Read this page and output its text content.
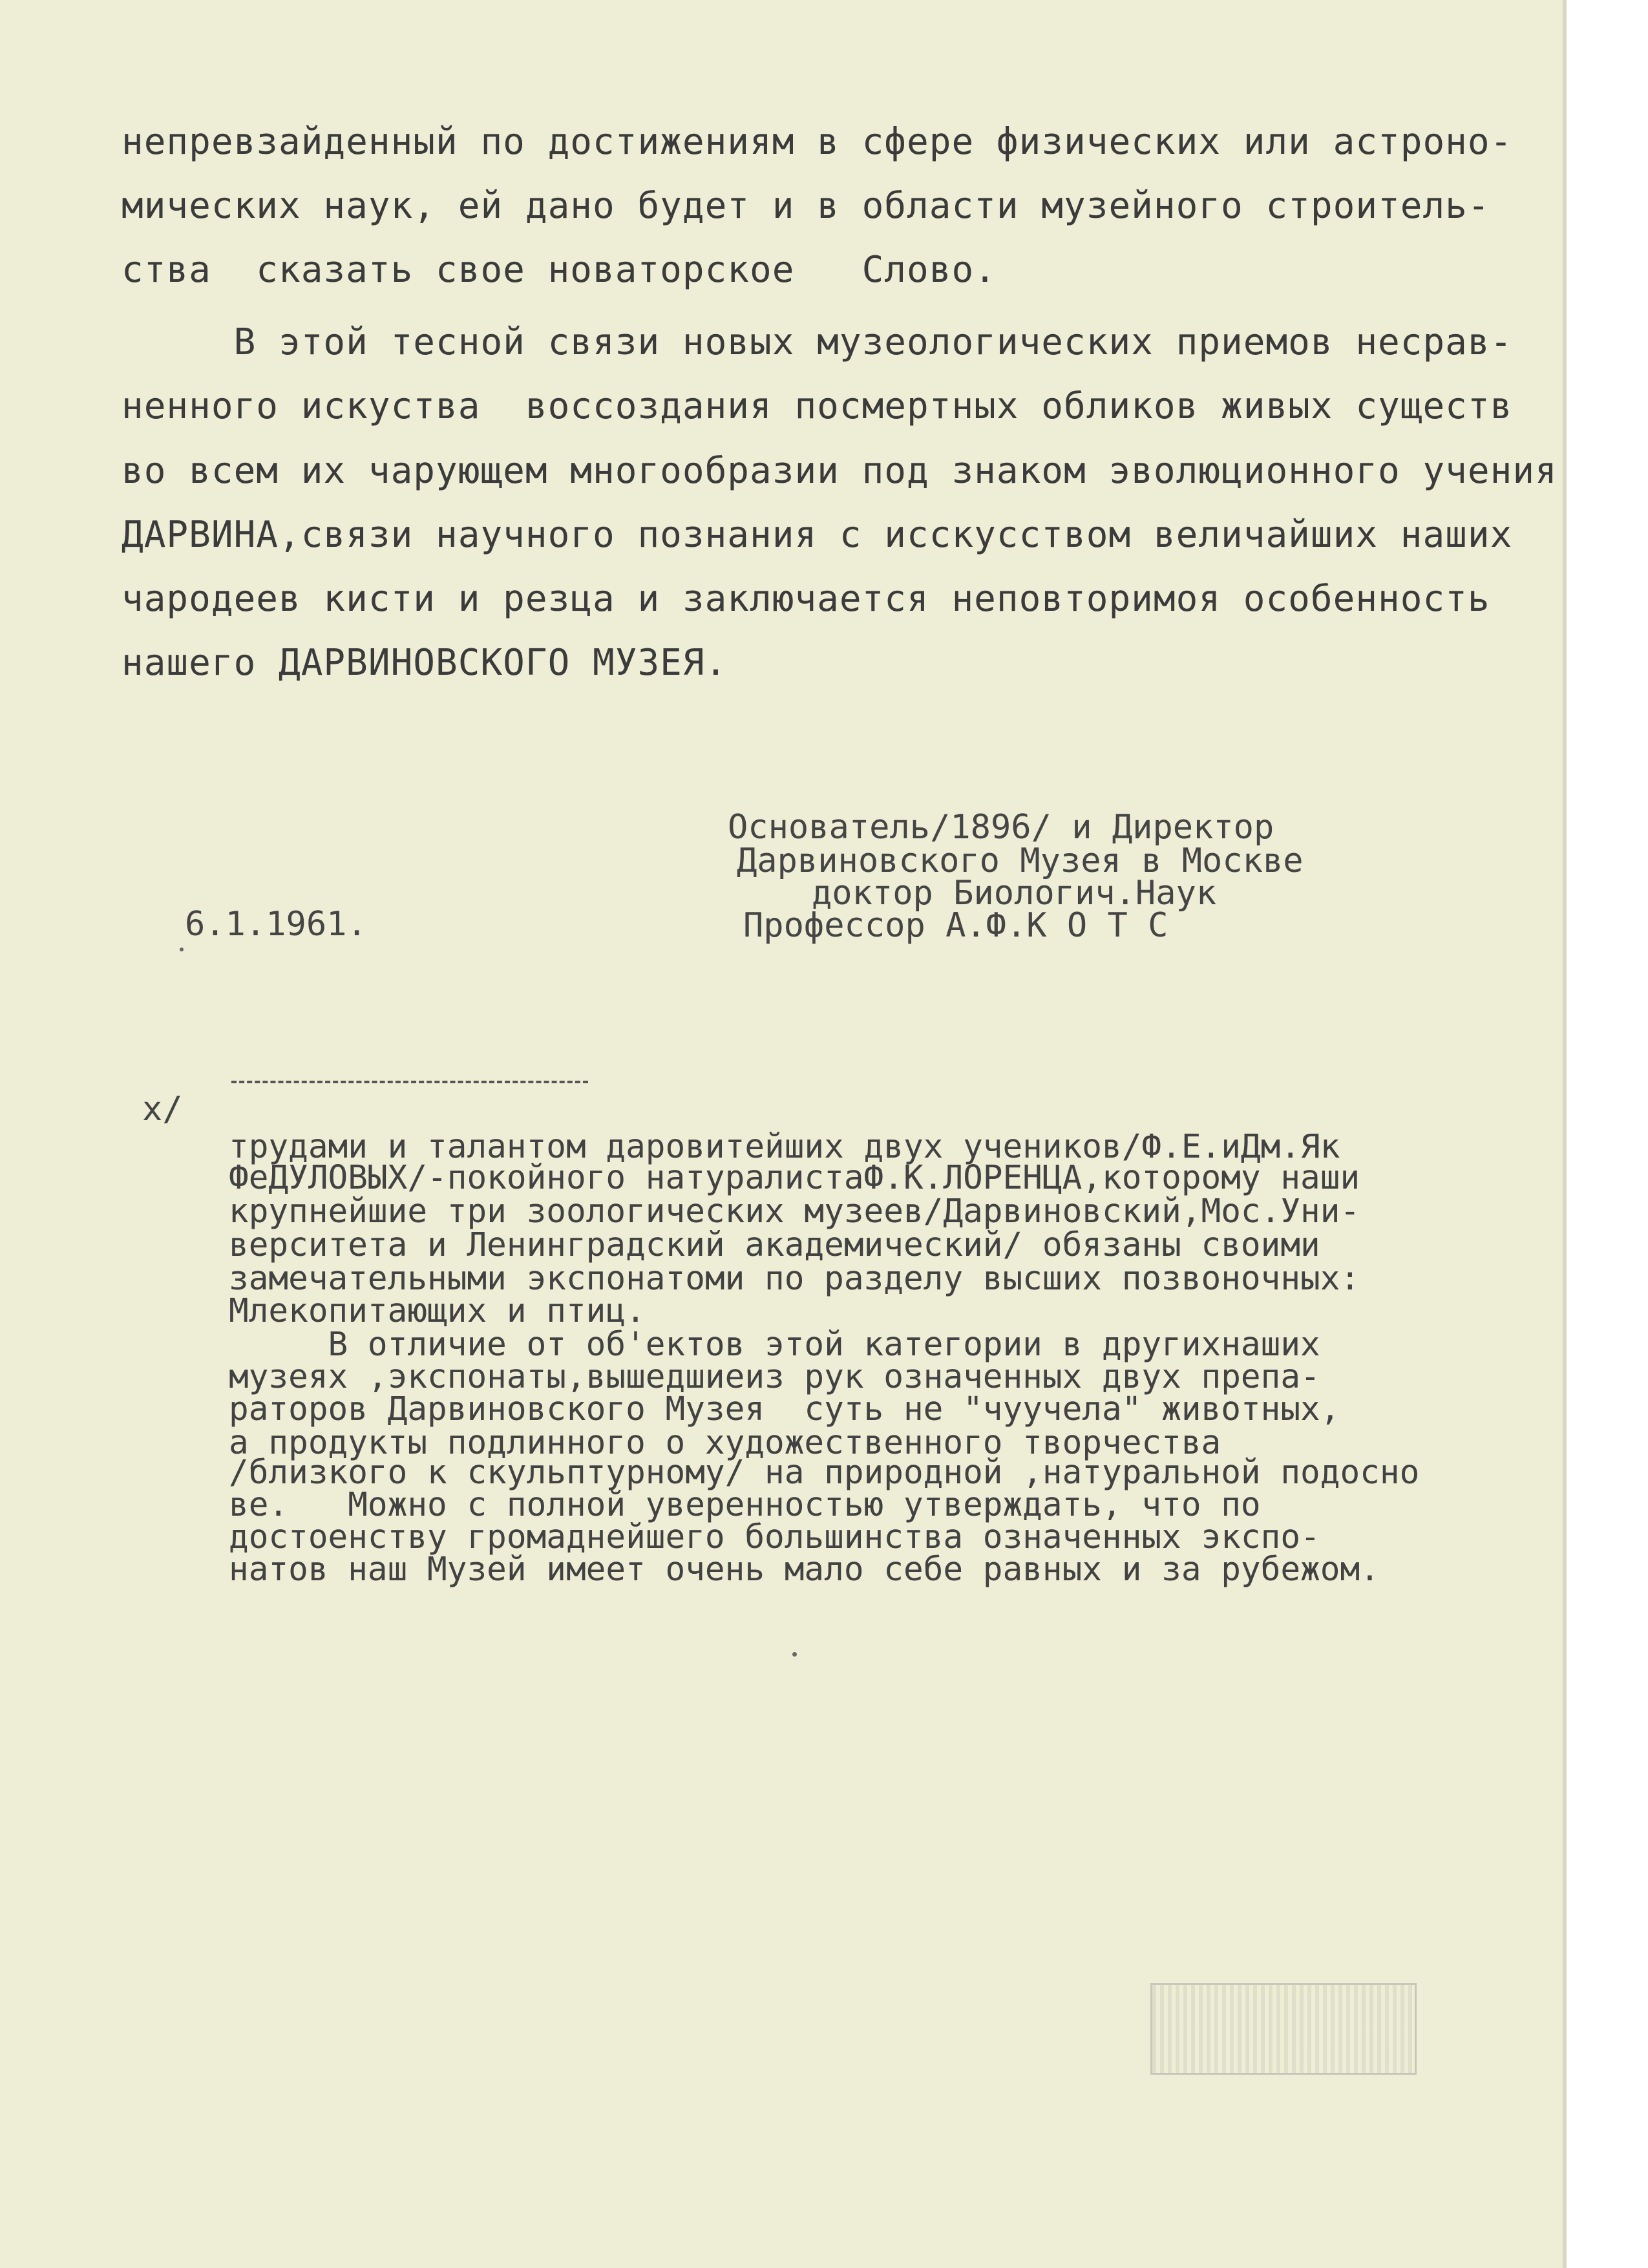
непревзайденный по достижениям в сфере физических или астроно-

мических наук, ей дано будет и в области музейного строитель-

ства  сказать свое новаторское   Слово.

В этой тесной связи новых музеологических приемов несрав-

ненного искуства  воссоздания посмертных обликов живых существ

во всем их чарующем многообразии под знаком эволюционного учения

ДАРВИНА,связи научного познания с исскусством величайших наших

чародеев кисти и резца и заключается неповторимоя особенность

нашего ДАРВИНОВСКОГО МУЗЕЯ.

Основатель/1896/ и Директор

Дарвиновского Музея в Москве

доктор Биологич.Наук

Профессор А.Ф.К О Т С

6.1.1961.

х/

трудами и талантом даровитейших двух учеников/Ф.Е.иДм.Як

ФеДУЛОВЫХ/-покойного натуралистаФ.К.ЛОРЕНЦА,которому наши

крупнейшие три зоологических музеев/Дарвиновский,Мос.Уни-

верситета и Ленинградский академический/ обязаны своими

замечательными экспонатоми по разделу высших позвоночных:

Млекопитающих и птиц.

В отличие от об'ектов этой категории в другихнаших

музеях ,экспонаты,вышедшиеиз рук означенных двух препа-

раторов Дарвиновского Музея  суть не "чуучела" животных,

а продукты подлинного о художественного творчества

/близкого к скульптурному/ на природной ,натуральной подосно

ве.   Можно с полной уверенностью утверждать, что по

достоенству громаднейшего большинства означенных экспо-

натов наш Музей имеет очень мало себе равных и за рубежом.
